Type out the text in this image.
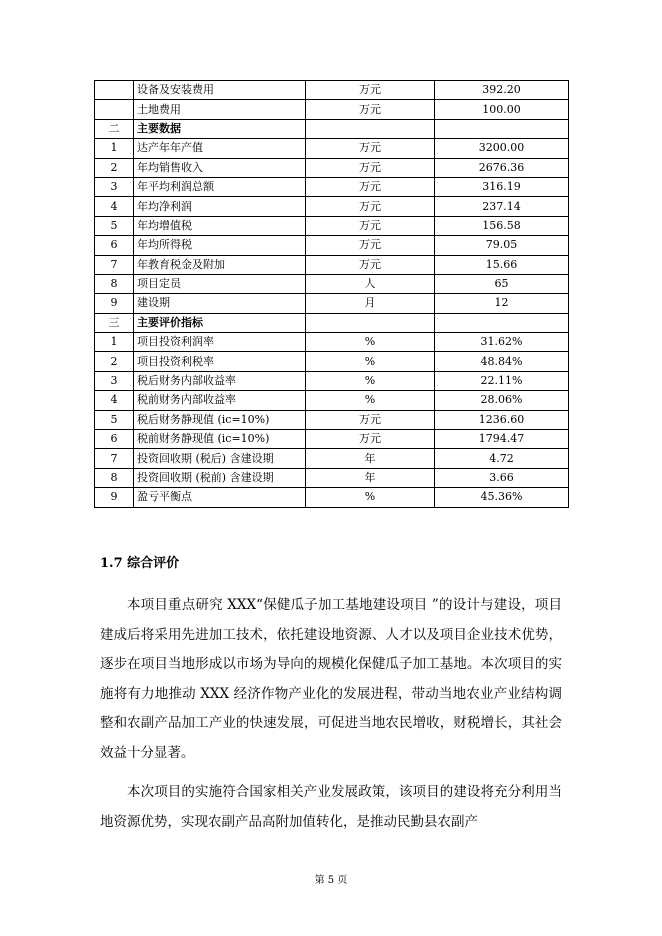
	设备及安装费用	万元	392.20
	土地费用	万元	100.00
二	主要数据		
1	达产年年产值	万元	3200.00
2	年均销售收入	万元	2676.36
3	年平均利润总额	万元	316.19
4	年均净利润	万元	237.14
5	年均增值税	万元	156.58
6	年均所得税	万元	79.05
7	年教育税金及附加	万元	15.66
8	项目定员	人	65
9	建设期	月	12
三	主要评价指标		
1	项目投资利润率	%	31.62%
2	项目投资利税率	%	48.84%
3	税后财务内部收益率	%	22.11%
4	税前财务内部收益率	%	28.06%
5	税后财务静现值 (ic=10%)	万元	1236.60
6	税前财务静现值 (ic=10%)	万元	1794.47
7	投资回收期 (税后) 含建设期	年	4.72
8	投资回收期 (税前) 含建设期	年	3.66
9	盈亏平衡点	%	45.36%
1.7 综合评价

本项目重点研究 XXX“保健瓜子加工基地建设项目 ”的设计与建设，项目建成后将采用先进加工技术，依托建设地资源、人才以及项目企业技术优势，逐步在项目当地形成以市场为导向的规模化保健瓜子加工基地。本次项目的实施将有力地推动 XXX 经济作物产业化的发展进程，带动当地农业产业结构调整和农副产品加工产业的快速发展，可促进当地农民增收，财税增长，其社会效益十分显著。

本次项目的实施符合国家相关产业发展政策，该项目的建设将充分利用当地资源优势，实现农副产品高附加值转化，是推动民勤县农副产

第 5 页
